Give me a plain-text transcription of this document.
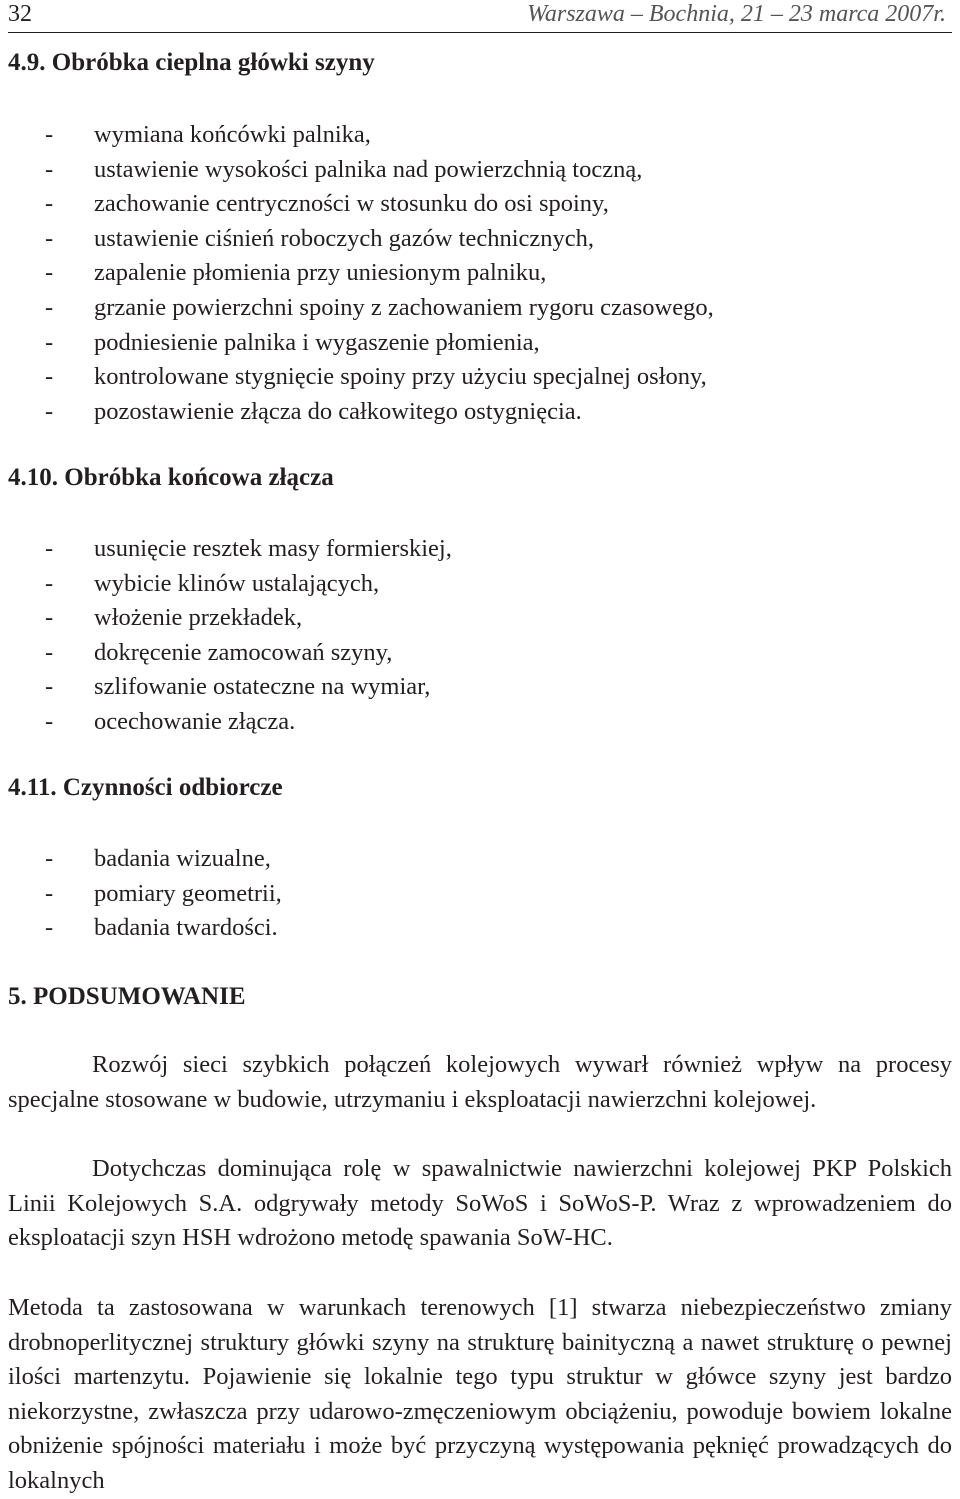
32	Warszawa – Bochnia, 21 – 23 marca 2007r.
4.9. Obróbka cieplna główki szyny
- wymiana końcówki palnika,
- ustawienie wysokości palnika nad powierzchnią toczną,
- zachowanie centryczności w stosunku do osi spoiny,
- ustawienie ciśnień roboczych gazów technicznych,
- zapalenie płomienia przy uniesionym palniku,
- grzanie powierzchni spoiny z zachowaniem rygoru czasowego,
- podniesienie palnika i wygaszenie płomienia,
- kontrolowane stygnięcie spoiny przy użyciu specjalnej osłony,
- pozostawienie złącza do całkowitego ostygnięcia.
4.10. Obróbka końcowa złącza
- usunięcie resztek masy formierskiej,
- wybicie klinów ustalających,
- włożenie przekładek,
- dokręcenie zamocowań szyny,
- szlifowanie ostateczne na wymiar,
- ocechowanie złącza.
4.11. Czynności odbiorcze
- badania wizualne,
- pomiary geometrii,
- badania twardości.
5. PODSUMOWANIE

Rozwój sieci szybkich połączeń kolejowych wywarł również wpływ na procesy specjalne stosowane w budowie, utrzymaniu i eksploatacji nawierzchni kolejowej.

Dotychczas dominująca rolę w spawalnictwie nawierzchni kolejowej PKP Polskich Linii Kolejowych S.A. odgrywały metody SoWoS i SoWoS-P. Wraz z wprowadzeniem do eksploatacji szyn HSH wdrożono metodę spawania SoW-HC.

Metoda ta zastosowana w warunkach terenowych [1] stwarza niebezpieczeństwo zmiany drobnoperlitycznej struktury główki szyny na strukturę bainityczną a nawet strukturę o pewnej ilości martenzytu. Pojawienie się lokalnie tego typu struktur w główce szyny jest bardzo niekorzystne, zwłaszcza przy udarowo-zmęczeniowym obciążeniu, powoduje bowiem lokalne obniżenie spójności materiału i może być przyczyną występowania pęknięć prowadzących do lokalnych
